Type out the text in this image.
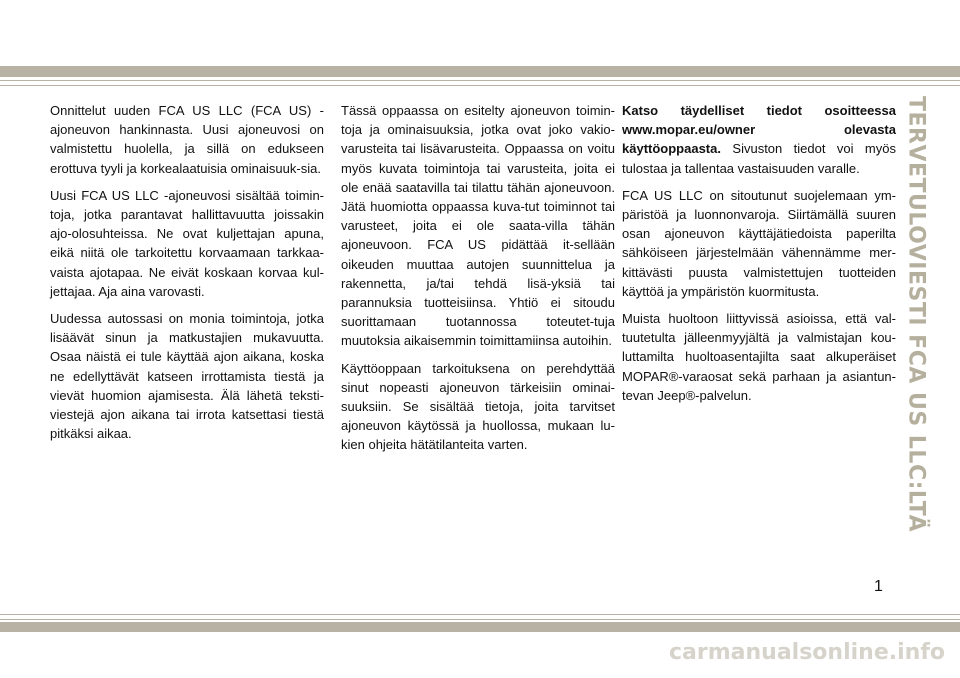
Onnittelut uuden FCA US LLC (FCA US) -ajoneuvon hankinnasta. Uusi ajoneuvosi on valmistettu huolella, ja sillä on edukseen erottuva tyyli ja korkealaatuisia ominaisuuk-sia.

Uusi FCA US LLC -ajoneuvosi sisältää toimin-toja, jotka parantavat hallittavuutta joissakin ajo-olosuhteissa. Ne ovat kuljettajan apuna, eikä niitä ole tarkoitettu korvaamaan tarkkaa-vaista ajotapaa. Ne eivät koskaan korvaa kul-jettajaa. Aja aina varovasti.

Uudessa autossasi on monia toimintoja, jotka lisäävät sinun ja matkustajien mukavuutta. Osaa näistä ei tule käyttää ajon aikana, koska ne edellyttävät katseen irrottamista tiestä ja vievät huomion ajamisesta. Älä lähetä teksti-viestejä ajon aikana tai irrota katsettasi tiestä pitkäksi aikaa.

Tässä oppaassa on esitelty ajoneuvon toimin-toja ja ominaisuuksia, jotka ovat joko vakio-varusteita tai lisävarusteita. Oppaassa on voitu myös kuvata toimintoja tai varusteita, joita ei ole enää saatavilla tai tilattu tähän ajoneuvoon. Jätä huomiotta oppaassa kuva-tut toiminnot tai varusteet, joita ei ole saata-villa tähän ajoneuvoon. FCA US pidättää it-sellään oikeuden muuttaa autojen suunnittelua ja rakennetta, ja/tai tehdä lisä-yksiä tai parannuksia tuotteisiinsa. Yhtiö ei sitoudu suorittamaan tuotannossa toteutet-tuja muutoksia aikaisemmin toimittamiinsa autoihin.

Käyttöoppaan tarkoituksena on perehdyttää sinut nopeasti ajoneuvon tärkeisiin ominai-suuksiin. Se sisältää tietoja, joita tarvitset ajoneuvon käytössä ja huollossa, mukaan lu-kien ohjeita hätätilanteita varten.

Katso täydelliset tiedot osoitteessa www.mopar.eu/owner olevasta käyttöoppaasta. Sivuston tiedot voi myös tulostaa ja tallentaa vastaisuuden varalle.

FCA US LLC on sitoutunut suojelemaan ym-päristöä ja luonnonvaroja. Siirtämällä suuren osan ajoneuvon käyttäjätiedoista paperilta sähköiseen järjestelmään vähennämme mer-kittävästi puusta valmistettujen tuotteiden käyttöä ja ympäristön kuormitusta.

Muista huoltoon liittyvissä asioissa, että val-tuutetulta jälleenmyyjältä ja valmistajan kou-luttamilta huoltoasentajilta saat alkuperäiset MOPAR®-varaosat sekä parhaan ja asiantun-tevan Jeep®-palvelun.	TERVETULOVIESTI FCA US LLC:LTÄ
1
carmanualsonline.info
